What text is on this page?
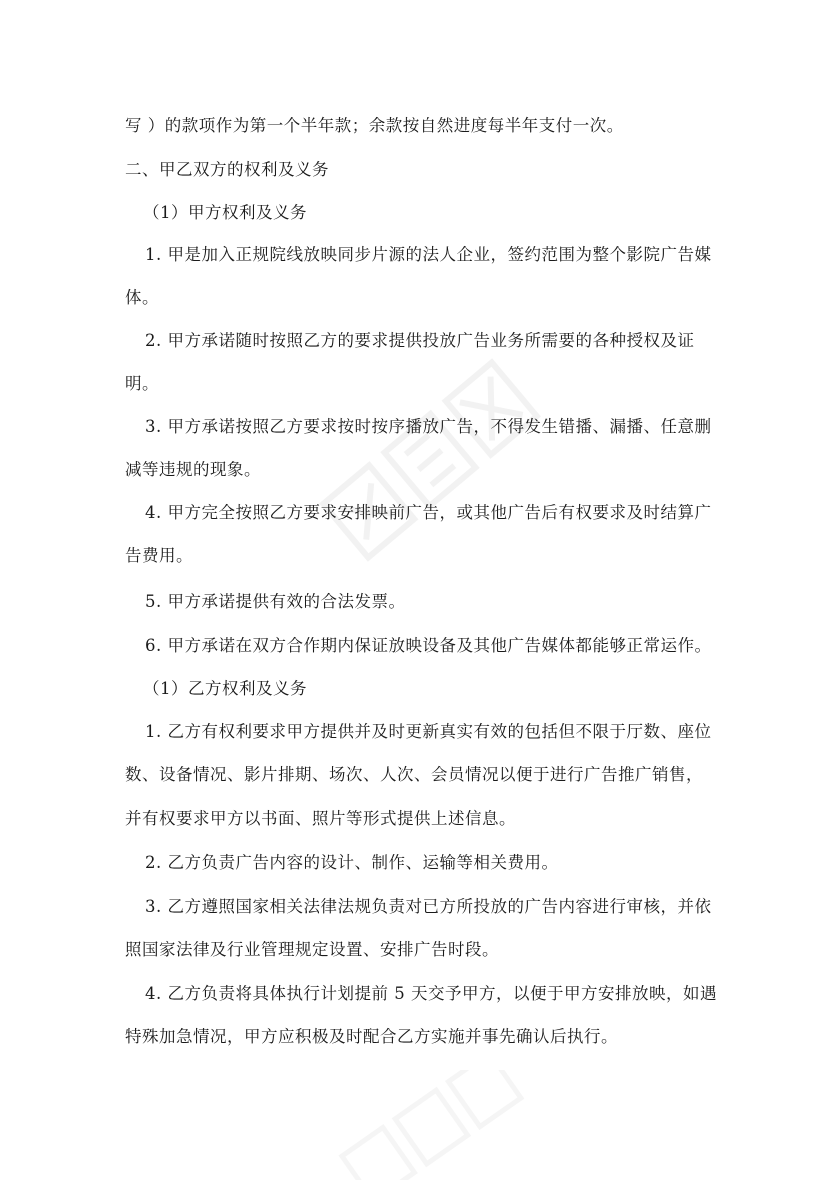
写 ）的款项作为第一个半年款；余款按自然进度每半年支付一次。
二、甲乙双方的权利及义务
（1）甲方权利及义务
1. 甲是加入正规院线放映同步片源的法人企业，签约范围为整个影院广告媒
体。
2. 甲方承诺随时按照乙方的要求提供投放广告业务所需要的各种授权及证
明。
3. 甲方承诺按照乙方要求按时按序播放广告，不得发生错播、漏播、任意删
减等违规的现象。
4. 甲方完全按照乙方要求安排映前广告，或其他广告后有权要求及时结算广
告费用。
5. 甲方承诺提供有效的合法发票。
6. 甲方承诺在双方合作期内保证放映设备及其他广告媒体都能够正常运作。
（1）乙方权利及义务
1. 乙方有权利要求甲方提供并及时更新真实有效的包括但不限于厅数、座位
数、设备情况、影片排期、场次、人次、会员情况以便于进行广告推广销售，
并有权要求甲方以书面、照片等形式提供上述信息。
2. 乙方负责广告内容的设计、制作、运输等相关费用。
3. 乙方遵照国家相关法律法规负责对已方所投放的广告内容进行审核，并依
照国家法律及行业管理规定设置、安排广告时段。
4. 乙方负责将具体执行计划提前 5 天交予甲方，以便于甲方安排放映，如遇
特殊加急情况，甲方应积极及时配合乙方实施并事先确认后执行。
